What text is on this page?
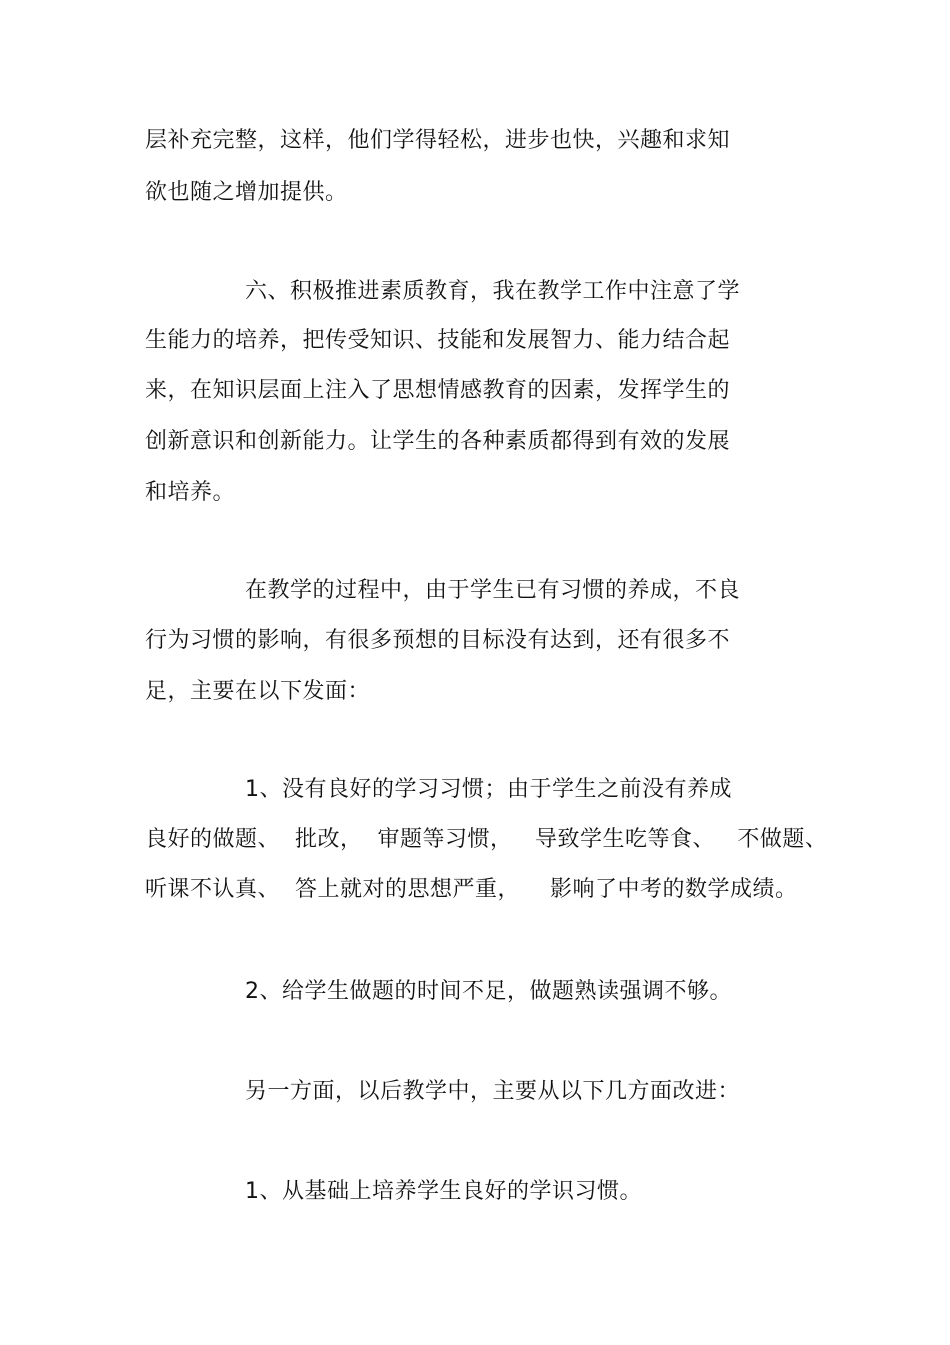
层补充完整，这样，他们学得轻松，进步也快，兴趣和求知
欲也随之增加提供。
六、积极推进素质教育，我在教学工作中注意了学
生能力的培养，把传受知识、技能和发展智力、能力结合起
来，在知识层面上注入了思想情感教育的因素，发挥学生的
创新意识和创新能力。让学生的各种素质都得到有效的发展
和培养。
在教学的过程中，由于学生已有习惯的养成，不良
行为习惯的影响，有很多预想的目标没有达到，还有很多不
足，主要在以下发面：
1、没有良好的学习习惯；由于学生之前没有养成
良好的做题、  批改，  审题等习惯，   导致学生吃等食、   不做题、
听课不认真、  答上就对的思想严重，    影响了中考的数学成绩。
2、给学生做题的时间不足，做题熟读强调不够。
另一方面，以后教学中，主要从以下几方面改进：
1、从基础上培养学生良好的学识习惯。
